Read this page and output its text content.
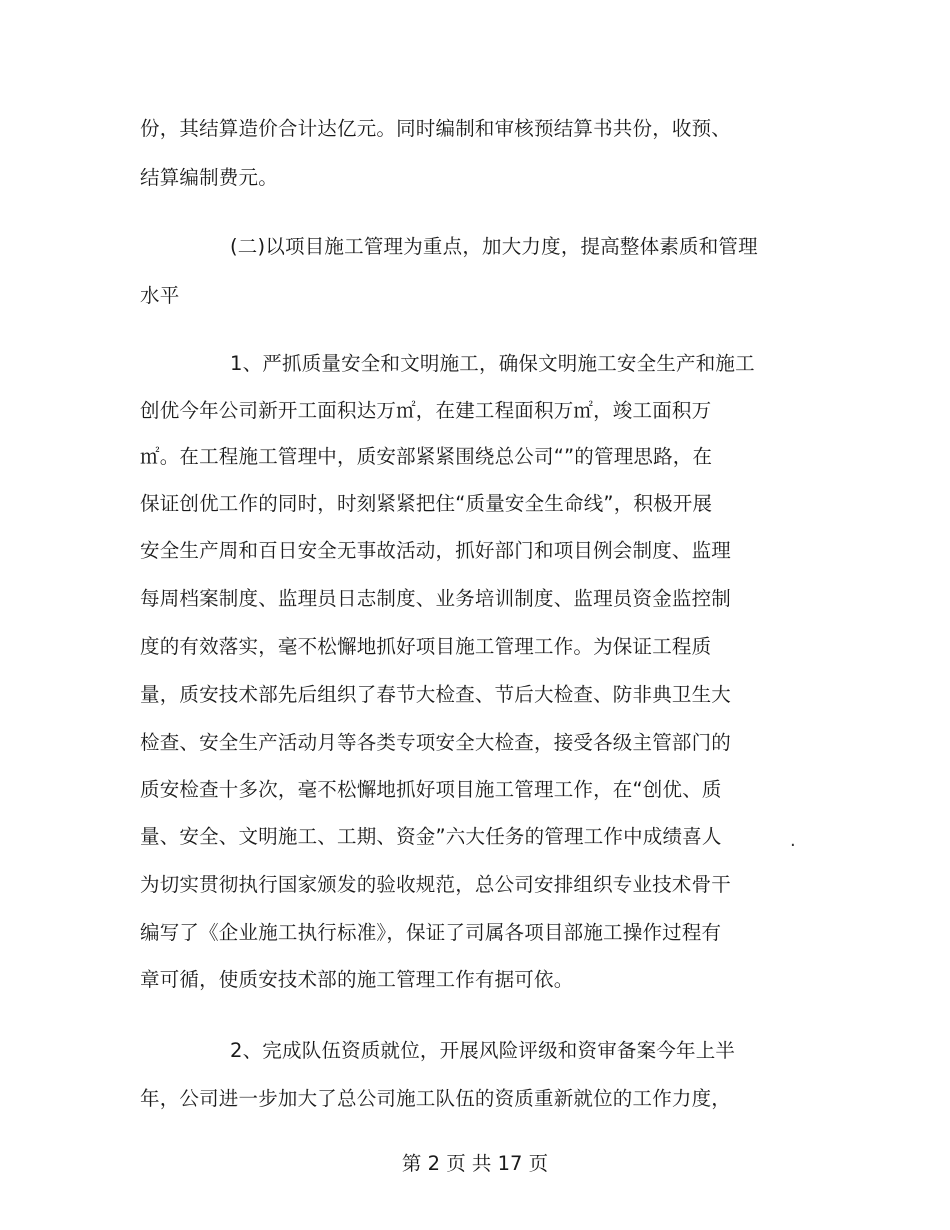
份，其结算造价合计达亿元。同时编制和审核预结算书共份，收预、
结算编制费元。
(二)以项目施工管理为重点，加大力度，提高整体素质和管理
水平
1、严抓质量安全和文明施工，确保文明施工安全生产和施工
创优今年公司新开工面积达万㎡，在建工程面积万㎡，竣工面积万
㎡。在工程施工管理中，质安部紧紧围绕总公司“”的管理思路，在
保证创优工作的同时，时刻紧紧把住“质量安全生命线”，积极开展
安全生产周和百日安全无事故活动，抓好部门和项目例会制度、监理
每周档案制度、监理员日志制度、业务培训制度、监理员资金监控制
度的有效落实，毫不松懈地抓好项目施工管理工作。为保证工程质
量，质安技术部先后组织了春节大检查、节后大检查、防非典卫生大
检查、安全生产活动月等各类专项安全大检查，接受各级主管部门的
质安检查十多次，毫不松懈地抓好项目施工管理工作，在“创优、质
量、安全、文明施工、工期、资金”六大任务的管理工作中成绩喜人	.
为切实贯彻执行国家颁发的验收规范，总公司安排组织专业技术骨干
编写了《企业施工执行标准》，保证了司属各项目部施工操作过程有
章可循，使质安技术部的施工管理工作有据可依。
2、完成队伍资质就位，开展风险评级和资审备案今年上半
年，公司进一步加大了总公司施工队伍的资质重新就位的工作力度，
第 2 页 共 17 页
